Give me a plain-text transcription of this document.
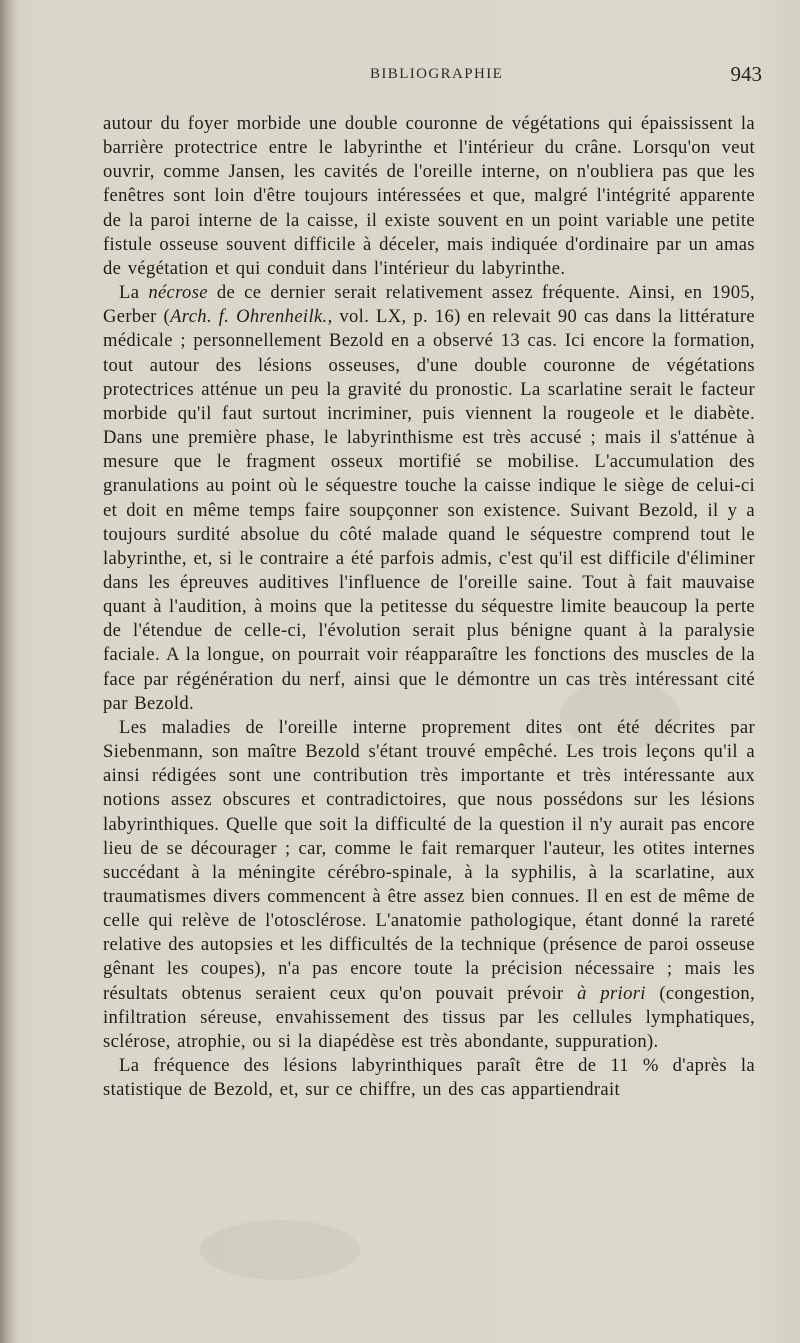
BIBLIOGRAPHIE	943

autour du foyer morbide une double couronne de végétations qui épaississent la barrière protectrice entre le labyrinthe et l'intérieur du crâne. Lorsqu'on veut ouvrir, comme Jansen, les cavités de l'oreille interne, on n'oubliera pas que les fenêtres sont loin d'être toujours intéressées et que, malgré l'intégrité apparente de la paroi interne de la caisse, il existe souvent en un point variable une petite fistule osseuse souvent difficile à déceler, mais indiquée d'ordinaire par un amas de végétation et qui conduit dans l'intérieur du labyrinthe.

La nécrose de ce dernier serait relativement assez fréquente. Ainsi, en 1905, Gerber (Arch. f. Ohrenheilk., vol. LX, p. 16) en relevait 90 cas dans la littérature médicale ; personnellement Bezold en a observé 13 cas. Ici encore la formation, tout autour des lésions osseuses, d'une double couronne de végétations protectrices atténue un peu la gravité du pronostic. La scarlatine serait le facteur morbide qu'il faut surtout incriminer, puis viennent la rougeole et le diabète. Dans une première phase, le labyrinthisme est très accusé ; mais il s'atténue à mesure que le fragment osseux mortifié se mobilise. L'accumulation des granulations au point où le séquestre touche la caisse indique le siège de celui-ci et doit en même temps faire soupçonner son existence. Suivant Bezold, il y a toujours surdité absolue du côté malade quand le séquestre comprend tout le labyrinthe, et, si le contraire a été parfois admis, c'est qu'il est difficile d'éliminer dans les épreuves auditives l'influence de l'oreille saine. Tout à fait mauvaise quant à l'audition, à moins que la petitesse du séquestre limite beaucoup la perte de l'étendue de celle-ci, l'évolution serait plus bénigne quant à la paralysie faciale. A la longue, on pourrait voir réapparaître les fonctions des muscles de la face par régénération du nerf, ainsi que le démontre un cas très intéressant cité par Bezold.

Les maladies de l'oreille interne proprement dites ont été décrites par Siebenmann, son maître Bezold s'étant trouvé empêché. Les trois leçons qu'il a ainsi rédigées sont une contribution très importante et très intéressante aux notions assez obscures et contradictoires, que nous possédons sur les lésions labyrinthiques. Quelle que soit la difficulté de la question il n'y aurait pas encore lieu de se décourager ; car, comme le fait remarquer l'auteur, les otites internes succédant à la méningite cérébro-spinale, à la syphilis, à la scarlatine, aux traumatismes divers commencent à être assez bien connues. Il en est de même de celle qui relève de l'otosclérose. L'anatomie pathologique, étant donné la rareté relative des autopsies et les difficultés de la technique (présence de paroi osseuse gênant les coupes), n'a pas encore toute la précision nécessaire ; mais les résultats obtenus seraient ceux qu'on pouvait prévoir à priori (congestion, infiltration séreuse, envahissement des tissus par les cellules lymphatiques, sclérose, atrophie, ou si la diapédèse est très abondante, suppuration).

La fréquence des lésions labyrinthiques paraît être de 11 % d'après la statistique de Bezold, et, sur ce chiffre, un des cas appartiendrait
